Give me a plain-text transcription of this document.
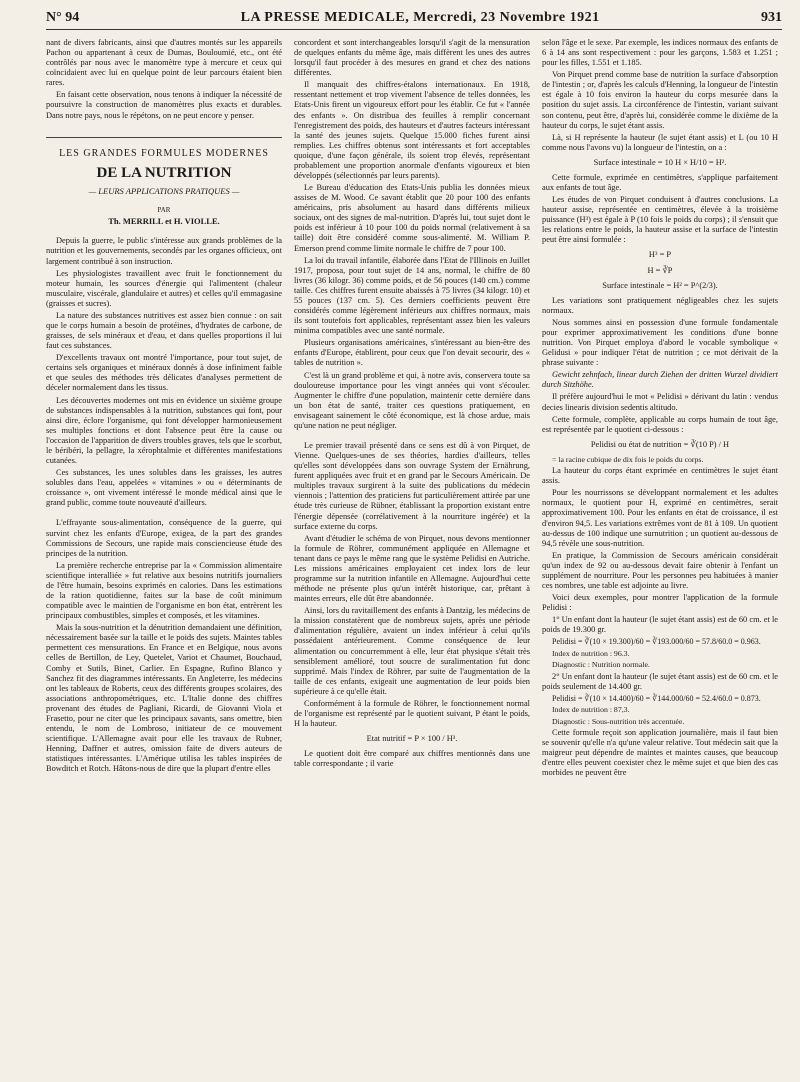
N° 94	LA PRESSE MEDICALE, Mercredi, 23 Novembre 1921	931

nant de divers fabricants, ainsi que d'autres montés sur les appareils Pachon ou appartenant à ceux de Dumas, Bouloumié, etc., ont été contrôlés par nous avec le manomètre type à mercure et ceux qui coïncidaient avec lui en quelque point de leur parcours étaient bien rares.

En faisant cette observation, nous tenons à indiquer la nécessité de poursuivre la construction de manomètres plus exacts et durables. Dans notre pays, nous le répétons, on ne peut encore y penser.

LES GRANDES FORMULES MODERNES
DE LA NUTRITION
— LEURS APPLICATIONS PRATIQUES —
PAR
Th. MERRILL et H. VIOLLE.

Depuis la guerre, le public s'intéresse aux grands problèmes de la nutrition et les gouvernements, secondés par les organes officieux, ont largement contribué à son instruction.

Les physiologistes travaillent avec fruit le fonctionnement du moteur humain, les sources d'énergie qui l'alimentent (chaleur musculaire, viscérale, glandulaire et autres) et celles qu'il emmagasine (graisses et sucres).

La nature des substances nutritives est assez bien connue : on sait que le corps humain a besoin de protéines, d'hydrates de carbone, de graisses, de sels minéraux et d'eau, et dans quelles proportions il lui faut ces substances.

D'excellents travaux ont montré l'importance, pour tout sujet, de certains sels organiques et minéraux donnés à dose infiniment faible et que seules des méthodes très délicates d'analyses permettent de déceler normalement dans les tissus.

Les découvertes modernes ont mis en évidence un sixième groupe de substances indispensables à la nutrition, substances qui font, pour ainsi dire, éclore l'organisme, qui font développer harmonieusement ses multiples fonctions et dont l'absence peut être la cause ou l'occasion de l'apparition de divers troubles graves, tels que le scorbut, le béribéri, la pellagre, la xérophtalmie et différentes manifestations cutanées.

Ces substances, les unes solubles dans les graisses, les autres solubles dans l'eau, appelées « vitamines » ou « déterminants de croissance », ont vivement intéressé le monde médical ainsi que le grand public, comme toute nouveauté d'ailleurs.

L'effrayante sous-alimentation, conséquence de la guerre, qui survint chez les enfants d'Europe, exigea, de la part des grandes Commissions de Secours, une rapide mais consciencieuse étude des principes de la nutrition.

La première recherche entreprise par la « Commission alimentaire scientifique interalliée » fut relative aux besoins nutritifs journaliers de l'être humain, besoins exprimés en calories. Dans les estimations de la ration quotidienne, faites sur la base de coût minimum compatible avec le maintien de l'organisme en bon état, entrèrent les principaux combustibles, simples et composés, et les vitamines.

Mais la sous-nutrition et la dénutrition demandaient une définition, nécessairement basée sur la taille et le poids des sujets. Maintes tables permettent ces mensurations. En France et en Belgique, nous avons celles de Bertillon, de Ley, Quetelet, Variot et Chaumet, Bouchaud, Comby et Sutils, Binet, Carlier. En Espagne, Rufino Blanco y Sanchez fit des diagrammes intéressants. En Angleterre, les médecins ont les tableaux de Roberts, ceux des différents groupes scolaires, des associations anthropométriques, etc. L'Italie donne des chiffres provenant des études de Pagliani, Ricardi, de Giovanni Viola et Frasetto, pour ne citer que les principaux savants, sans omettre, bien entendu, le nom de Lombroso, initiateur de ce mouvement scientifique. L'Allemagne avait pour elle les travaux de Rubner, Henning, Daffner et autres, omission faite de divers auteurs de statistiques intéressantes. L'Amérique utilisa les tables inspirées de Bowditch et Rotch. Hâtons-nous de dire que la plupart d'entre elles

concordent et sont interchangeables lorsqu'il s'agit de la mensuration de quelques enfants du même âge, mais diffèrent les unes des autres lorsqu'il faut procéder à des mesures en grand et chez des nations différentes.

Il manquait des chiffres-étalons internationaux. En 1918, ressentant nettement et trop vivement l'absence de telles données, les Etats-Unis firent un vigoureux effort pour les établir. Ce fut « l'année des enfants ». On distribua des feuilles à remplir concernant l'enregistrement des poids, des hauteurs et d'autres facteurs intéressant la santé des jeunes sujets. Quelque 15.000 fiches furent ainsi remplies. Les chiffres obtenus sont intéressants et fort acceptables quoique, d'une façon générale, ils soient trop élevés, représentant probablement une proportion anormale d'enfants vigoureux et bien développés (sélectionnés par leurs parents).

Le Bureau d'éducation des Etats-Unis publia les données mieux assises de M. Wood. Ce savant établit que 20 pour 100 des enfants américains, pris absolument au hasard dans différents milieux sociaux, ont des signes de mal-nutrition. D'après lui, tout sujet dont le poids est inférieur à 10 pour 100 du poids normal (relativement à sa taille) doit être considéré comme sous-alimenté. M. William P. Emerson prend comme limite normale le chiffre de 7 pour 100.

La loi du travail infantile, élaborée dans l'Etat de l'Illinois en Juillet 1917, proposa, pour tout sujet de 14 ans, normal, le chiffre de 80 livres (36 kilogr. 36) comme poids, et de 56 pouces (140 cm.) comme taille. Ces chiffres furent ensuite abaissés à 75 livres (34 kilogr. 10) et 55 pouces (137 cm. 5). Ces derniers coefficients peuvent être considérés comme légèrement inférieurs aux chiffres normaux, mais ils sont toutefois fort applicables, représentant assez bien les valeurs minima compatibles avec une santé normale.

Plusieurs organisations américaines, s'intéressant au bien-être des enfants d'Europe, établirent, pour ceux que l'on devait secourir, des « tables de nutrition ».

C'est là un grand problème et qui, à notre avis, conservera toute sa douloureuse importance pour les vingt années qui vont s'écouler. Augmenter le chiffre d'une population, maintenir cette dernière dans un bon état de santé, traiter ces questions pratiquement, en envisageant sainement le côté économique, est là chose ardue, mais qu'une nation ne peut négliger.

Le premier travail présenté dans ce sens est dû à von Pirquet, de Vienne. Quelques-unes de ses théories, hardies d'ailleurs, telles qu'elles sont développées dans son ouvrage System der Ernährung, furent appliquées avec fruit et en grand par le Secours Américain. De multiples travaux surgirent à la suite des publications du médecin viennois ; l'attention des praticiens fut particulièrement attirée par une étude très curieuse de Rübner, établissant la proportion existant entre l'énergie dépensée (corrélativement à la nourriture ingérée) et la surface externe du corps.

Avant d'étudier le schéma de von Pirquet, nous devons mentionner la formule de Röhrer, communément appliquée en Allemagne et tenant dans ce pays le même rang que le système Pelidisi en Autriche. Les missions américaines employaient cet index lors de leur programme sur la nutrition infantile en Allemagne. Aujourd'hui cette méthode ne présente plus qu'un intérêt historique, car, prêtant à maintes erreurs, elle dût être abandonnée.

Ainsi, lors du ravitaillement des enfants à Dantzig, les médecins de la mission constatèrent que de nombreux sujets, après une période d'alimentation régulière, avaient un index inférieur à celui qu'ils possédaient antérieurement. Comme conséquence de leur alimentation ou concurremment à elle, leur état physique s'était très sensiblement amélioré, tout soucre de suralimentation fut donc supprimé. Mais l'index de Röhrer, par suite de l'augmentation de la taille de ces enfants, exigeait une augmentation de leur poids bien supérieure à ce qu'elle était.

Conformément à la formule de Röhrer, le fonctionnement normal de l'organisme est représenté par le quotient suivant, P étant le poids, H la hauteur.

Etat nutritif = P × 100 / H³.

Le quotient doit être comparé aux chiffres mentionnés dans une table correspondante ; il varie

selon l'âge et le sexe. Par exemple, les indices normaux des enfants de 6 à 14 ans sont respectivement : pour les garçons, 1.583 et 1.251 ; pour les filles, 1.551 et 1.185.

Von Pirquet prend comme base de nutrition la surface d'absorption de l'intestin ; or, d'après les calculs d'Henning, la longueur de l'intestin est égale à 10 fois environ la hauteur du corps mesurée dans la position du sujet assis. La circonférence de l'intestin, variant suivant son contenu, peut être, d'après lui, considérée comme le dixième de la hauteur du corps, le sujet étant assis.

Là, si H représente la hauteur (le sujet étant assis) et L (ou 10 H comme nous l'avons vu) la longueur de l'intestin, on a :

Surface intestinale = 10 H × H/10 = H².

Cette formule, exprimée en centimètres, s'applique parfaitement aux enfants de tout âge.

Les études de von Pirquet conduisent à d'autres conclusions. La hauteur assise, représentée en centimètres, élevée à la troisième puissance (H³) est égale à P (10 fois le poids du corps) ; il s'ensuit que les relations entre le poids, la hauteur assise et la surface de l'intestin peut être ainsi formulée :

H³ = P
H = ∛P
Surface intestinale = H² = P^(2/3).

Les variations sont pratiquement négligeables chez les sujets normaux.

Nous sommes ainsi en possession d'une formule fondamentale pour exprimer approximativement les conditions d'une bonne nutrition. Von Pirquet employa d'abord le vocable symbolique « Gelidusi » pour indiquer l'état de nutrition ; ce mot dérivait de la phrase suivante :

Gewicht zehnfach, linear durch Ziehen der dritten Wurzel dividiert durch Sitzhöhe.

Il préfère aujourd'hui le mot « Pelidisi » dérivant du latin : vendus decies linearis division sedentis altitudo.

Cette formule, complète, applicable au corps humain de tout âge, est représentée par le quotient ci-dessous :

Pelidisi ou état de nutrition = ∛(10 P) / H

= la racine cubique de dix fois le poids du corps.

La hauteur du corps étant exprimée en centimètres le sujet étant assis.

Pour les nourrissons se développant normalement et les adultes normaux, le quotient pour H, exprimé en centimètres, serait approximativement 100. Pour les enfants en état de croissance, il est d'environ 94,5. Les variations extrêmes vont de 81 à 109. Un quotient au-dessus de 100 indique une surnutrition ; un quotient au-dessous de 94,5 révèle une sous-nutrition.

En pratique, la Commission de Secours américain considérait qu'un index de 92 ou au-dessous devait faire obtenir à l'enfant un supplément de nourriture. Pour les personnes peu habituées à manier ces nombres, une table est adjointe au livre.

Voici deux exemples, pour montrer l'application de la formule Pelidisi :

1° Un enfant dont la hauteur (le sujet étant assis) est de 60 cm. et le poids de 19.300 gr.

Pelidisi = ∛(10 × 19.300)/60 = ∛193.000/60 = 57.8/60.0 = 0.963.

Index de nutrition : 96.3.

Diagnostic : Nutrition normale.

2° Un enfant dont la hauteur (le sujet étant assis) est de 60 cm. et le poids seulement de 14.400 gr.

Pelidisi = ∛(10 × 14.400)/60 = ∛144.000/60 = 52.4/60.0 = 0.873.

Index de nutrition : 87,3.

Diagnostic : Sous-nutrition très accentuée.

Cette formule reçoit son application journalière, mais il faut bien se souvenir qu'elle n'a qu'une valeur relative. Tout médecin sait que la maigreur peut dépendre de maintes et maintes causes, que beaucoup d'entre elles peuvent coexister chez le même sujet et que bien des cas morbides ne peuvent être
